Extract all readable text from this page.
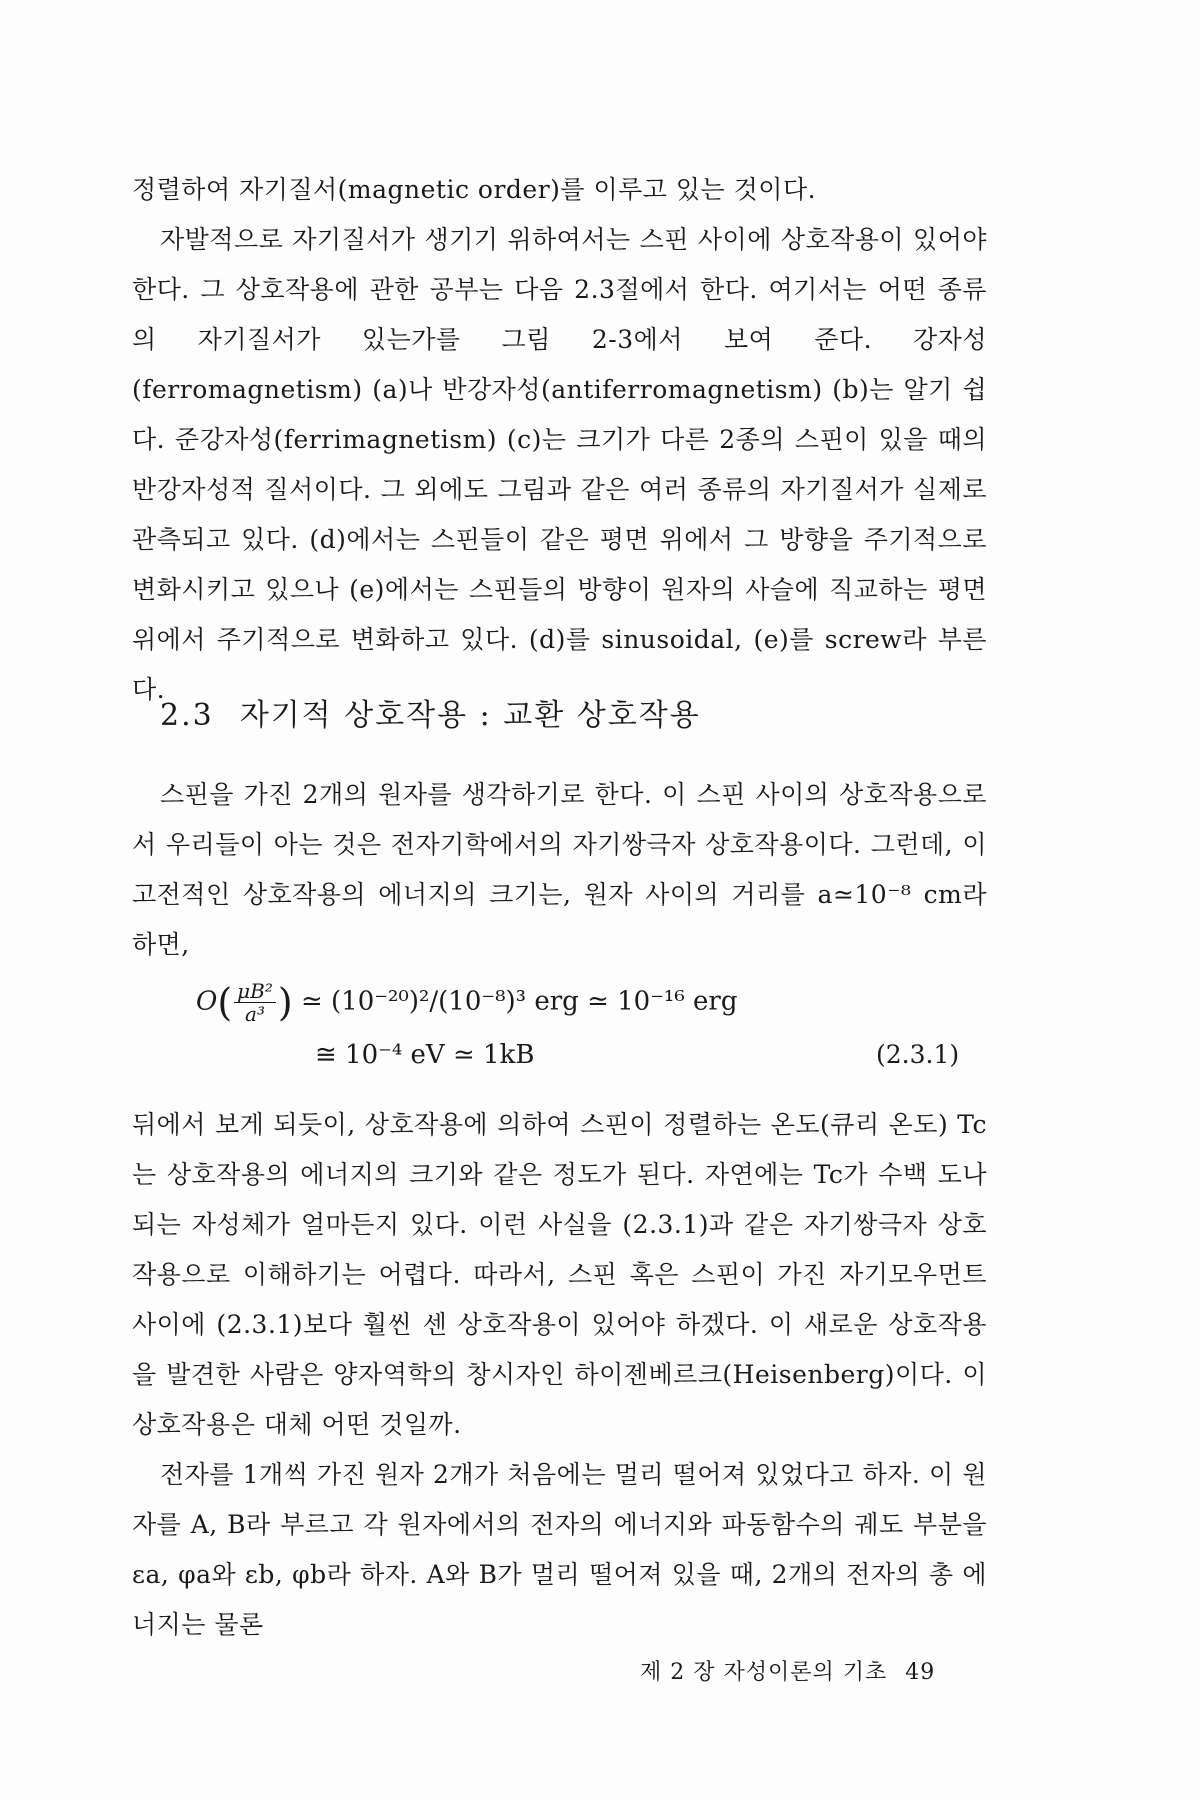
정렬하여 자기질서(magnetic order)를 이루고 있는 것이다.

자발적으로 자기질서가 생기기 위하여서는 스핀 사이에 상호작용이 있어야 한다. 그 상호작용에 관한 공부는 다음 2.3절에서 한다. 여기서는 어떤 종류의 자기질서가 있는가를 그림 2-3에서 보여 준다. 강자성(ferromagnetism) (a)나 반강자성(antiferromagnetism) (b)는 알기 쉽다. 준강자성(ferrimagnetism) (c)는 크기가 다른 2종의 스핀이 있을 때의 반강자성적 질서이다. 그 외에도 그림과 같은 여러 종류의 자기질서가 실제로 관측되고 있다. (d)에서는 스핀들이 같은 평면 위에서 그 방향을 주기적으로 변화시키고 있으나 (e)에서는 스핀들의 방향이 원자의 사슬에 직교하는 평면 위에서 주기적으로 변화하고 있다. (d)를 sinusoidal, (e)를 screw라 부른다.

2.3 자기적 상호작용 : 교환 상호작용

스핀을 가진 2개의 원자를 생각하기로 한다. 이 스핀 사이의 상호작용으로서 우리들이 아는 것은 전자기학에서의 자기쌍극자 상호작용이다. 그런데, 이 고전적인 상호작용의 에너지의 크기는, 원자 사이의 거리를 a≃10⁻⁸ cm라 하면,

$O( \frac{\text{μB²}}{\text{a³}}$ ) ≃ (10⁻²⁰)²/(10⁻⁸)³ erg ≃ 10⁻¹⁶ erg
≅ 10⁻⁴ eV ≃ 1kB	(2.3.1)

뒤에서 보게 되듯이, 상호작용에 의하여 스핀이 정렬하는 온도(큐리 온도) Tc는 상호작용의 에너지의 크기와 같은 정도가 된다. 자연에는 Tc가 수백 도나 되는 자성체가 얼마든지 있다. 이런 사실을 (2.3.1)과 같은 자기쌍극자 상호작용으로 이해하기는 어렵다. 따라서, 스핀 혹은 스핀이 가진 자기모우먼트 사이에 (2.3.1)보다 훨씬 센 상호작용이 있어야 하겠다. 이 새로운 상호작용을 발견한 사람은 양자역학의 창시자인 하이젠베르크(Heisenberg)이다. 이 상호작용은 대체 어떤 것일까.

전자를 1개씩 가진 원자 2개가 처음에는 멀리 떨어져 있었다고 하자. 이 원자를 A, B라 부르고 각 원자에서의 전자의 에너지와 파동함수의 궤도 부분을 εa, φa와 εb, φb라 하자. A와 B가 멀리 떨어져 있을 때, 2개의 전자의 총 에너지는 물론

제 2 장 자성이론의 기초 49
